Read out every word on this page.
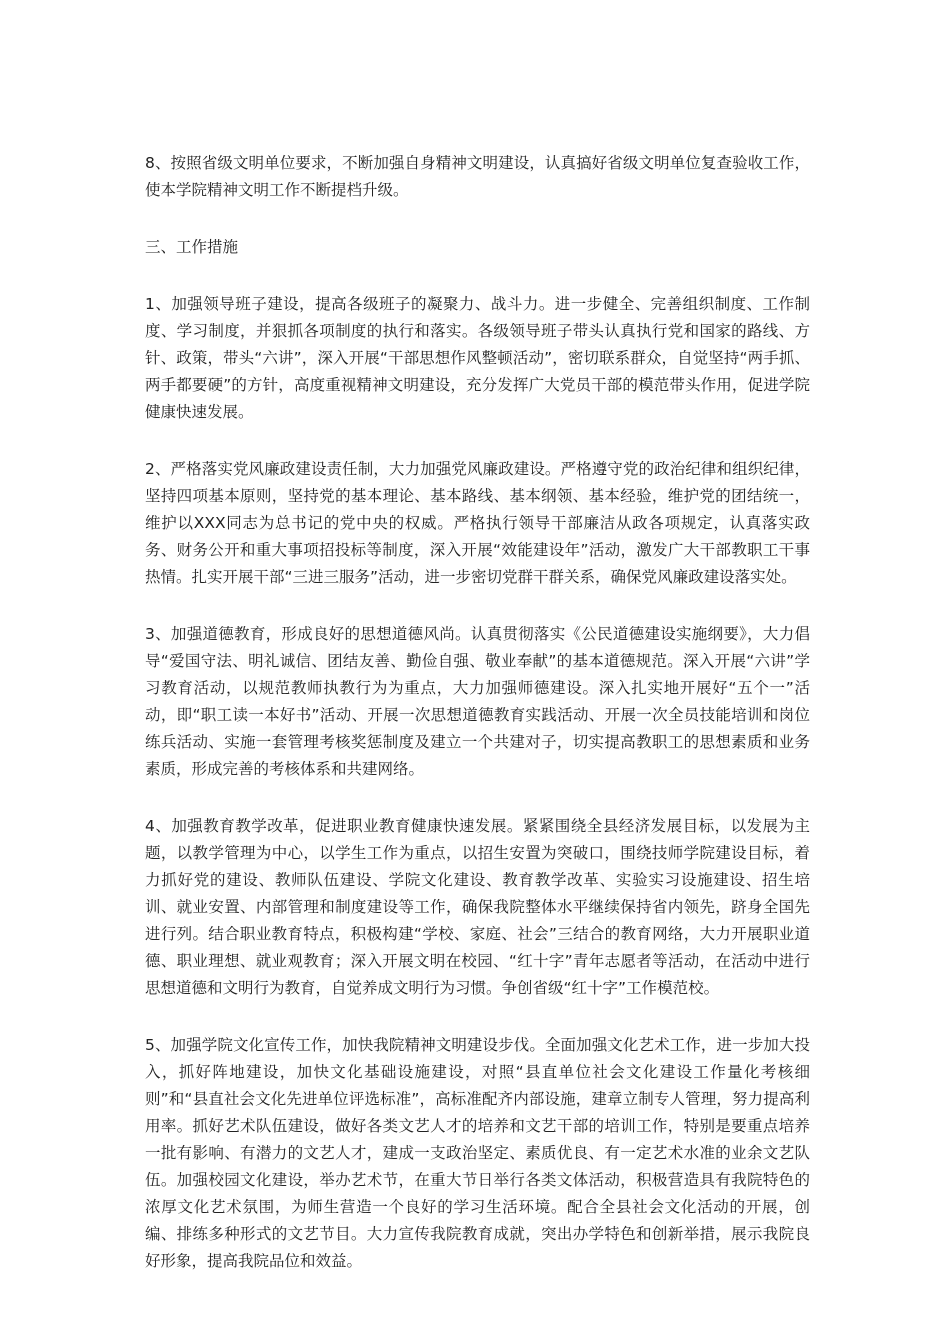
8、按照省级文明单位要求，不断加强自身精神文明建设，认真搞好省级文明单位复查验收工作，使本学院精神文明工作不断提档升级。

三、工作措施

1、加强领导班子建设，提高各级班子的凝聚力、战斗力。进一步健全、完善组织制度、工作制度、学习制度，并狠抓各项制度的执行和落实。各级领导班子带头认真执行党和国家的路线、方针、政策，带头“六讲”，深入开展“干部思想作风整顿活动”，密切联系群众，自觉坚持“两手抓、两手都要硬”的方针，高度重视精神文明建设，充分发挥广大党员干部的模范带头作用，促进学院健康快速发展。

2、严格落实党风廉政建设责任制，大力加强党风廉政建设。严格遵守党的政治纪律和组织纪律，坚持四项基本原则，坚持党的基本理论、基本路线、基本纲领、基本经验，维护党的团结统一，维护以XXX同志为总书记的党中央的权威。严格执行领导干部廉洁从政各项规定，认真落实政务、财务公开和重大事项招投标等制度，深入开展“效能建设年”活动，激发广大干部教职工干事热情。扎实开展干部“三进三服务”活动，进一步密切党群干群关系，确保党风廉政建设落实处。

3、加强道德教育，形成良好的思想道德风尚。认真贯彻落实《公民道德建设实施纲要》，大力倡导“爱国守法、明礼诚信、团结友善、勤俭自强、敬业奉献”的基本道德规范。深入开展“六讲”学习教育活动，以规范教师执教行为为重点，大力加强师德建设。深入扎实地开展好“五个一”活动，即“职工读一本好书”活动、开展一次思想道德教育实践活动、开展一次全员技能培训和岗位练兵活动、实施一套管理考核奖惩制度及建立一个共建对子，切实提高教职工的思想素质和业务素质，形成完善的考核体系和共建网络。

4、加强教育教学改革，促进职业教育健康快速发展。紧紧围绕全县经济发展目标，以发展为主题，以教学管理为中心，以学生工作为重点，以招生安置为突破口，围绕技师学院建设目标，着力抓好党的建设、教师队伍建设、学院文化建设、教育教学改革、实验实习设施建设、招生培训、就业安置、内部管理和制度建设等工作，确保我院整体水平继续保持省内领先，跻身全国先进行列。结合职业教育特点，积极构建“学校、家庭、社会”三结合的教育网络，大力开展职业道德、职业理想、就业观教育；深入开展文明在校园、“红十字”青年志愿者等活动，在活动中进行思想道德和文明行为教育，自觉养成文明行为习惯。争创省级“红十字”工作模范校。

5、加强学院文化宣传工作，加快我院精神文明建设步伐。全面加强文化艺术工作，进一步加大投入，抓好阵地建设，加快文化基础设施建设，对照“县直单位社会文化建设工作量化考核细则”和“县直社会文化先进单位评选标准”，高标准配齐内部设施，建章立制专人管理，努力提高利用率。抓好艺术队伍建设，做好各类文艺人才的培养和文艺干部的培训工作，特别是要重点培养一批有影响、有潜力的文艺人才，建成一支政治坚定、素质优良、有一定艺术水准的业余文艺队伍。加强校园文化建设，举办艺术节，在重大节日举行各类文体活动，积极营造具有我院特色的浓厚文化艺术氛围，为师生营造一个良好的学习生活环境。配合全县社会文化活动的开展，创编、排练多种形式的文艺节目。大力宣传我院教育成就，突出办学特色和创新举措，展示我院良好形象，提高我院品位和效益。
